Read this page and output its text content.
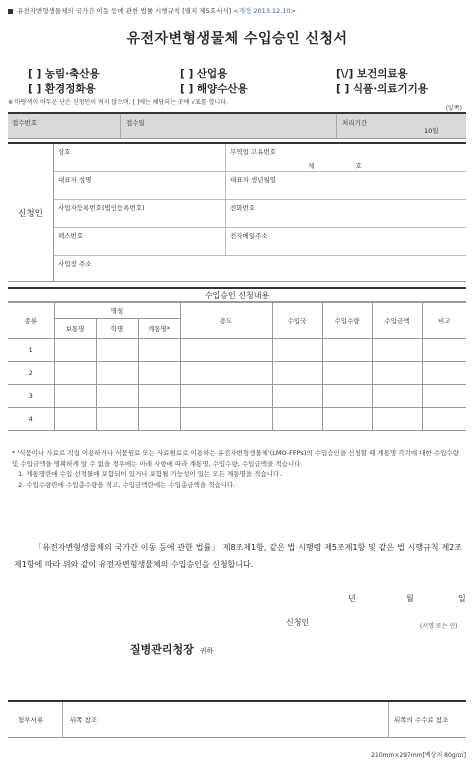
유전자변형생물체의 국가간 이동 등에 관한 법률 시행규칙 [별지 제5호서식] <개정 2013.12.10>
유전자변형생물체 수입승인 신청서
[ ] 농림·축산용	[ ] 산업용	[\/] 보건의료용
[ ] 환경정화용	[ ] 해양수산용	[ ] 식품·의료기기용
※ 바탕색이 어두운 난은 신청인이 적지 않으며, [ ]에는 해당되는 곳에 √표를 합니다.
(앞쪽)
접수번호	접수일	처리기간
10일
신청인
상호	무역업 고유번호
제                    호
대표자 성명	대표자 생년월일
사업자등록번호(법인등록번호)	전화번호
팩스번호	전자메일주소
사업장 주소
수입승인 신청내용
종류	명칭			용도	수입국	수입수량	수입금액	비고
	보통명	학명	계통명*					
1								
2								
3								
4								

* '식품이나 사료로 직접 이용하거나 식품원료 또는 사료원료로 이용하는 유전자변형생물체'(LMO-FFPs)의 수입승인을 신청할 때 계통명 각각에 대한 수입수량 및 수입금액을 명확하게 알 수 없을 경우에는 아래 사항에 따라 계통명, 수입수량, 수입금액을 적습니다.

1. 계통명란에 수입 선적물에 포함되어 있거나 포함될 가능성이 있는 모든 계통명을 적습니다.

2. 수입수량란에 수입총수량을 적고, 수입금액란에는 수입총금액을 적습니다.

「유전자변형생물체의 국가간 이동 등에 관한 법률」 제8조제1항, 같은 법 시행령 제5조제1항 및 같은 법 시행규칙 제2조제1항에 따라 위와 같이 유전자변형생물체의 수입승인을 신청합니다.
년	월	일
신청인	(서명 또는 인)
질병관리청장 귀하
첨부서류	뒤쪽 참조	뒤쪽의 수수료 참조
210mm×297mm[백상지 80g/㎡]
